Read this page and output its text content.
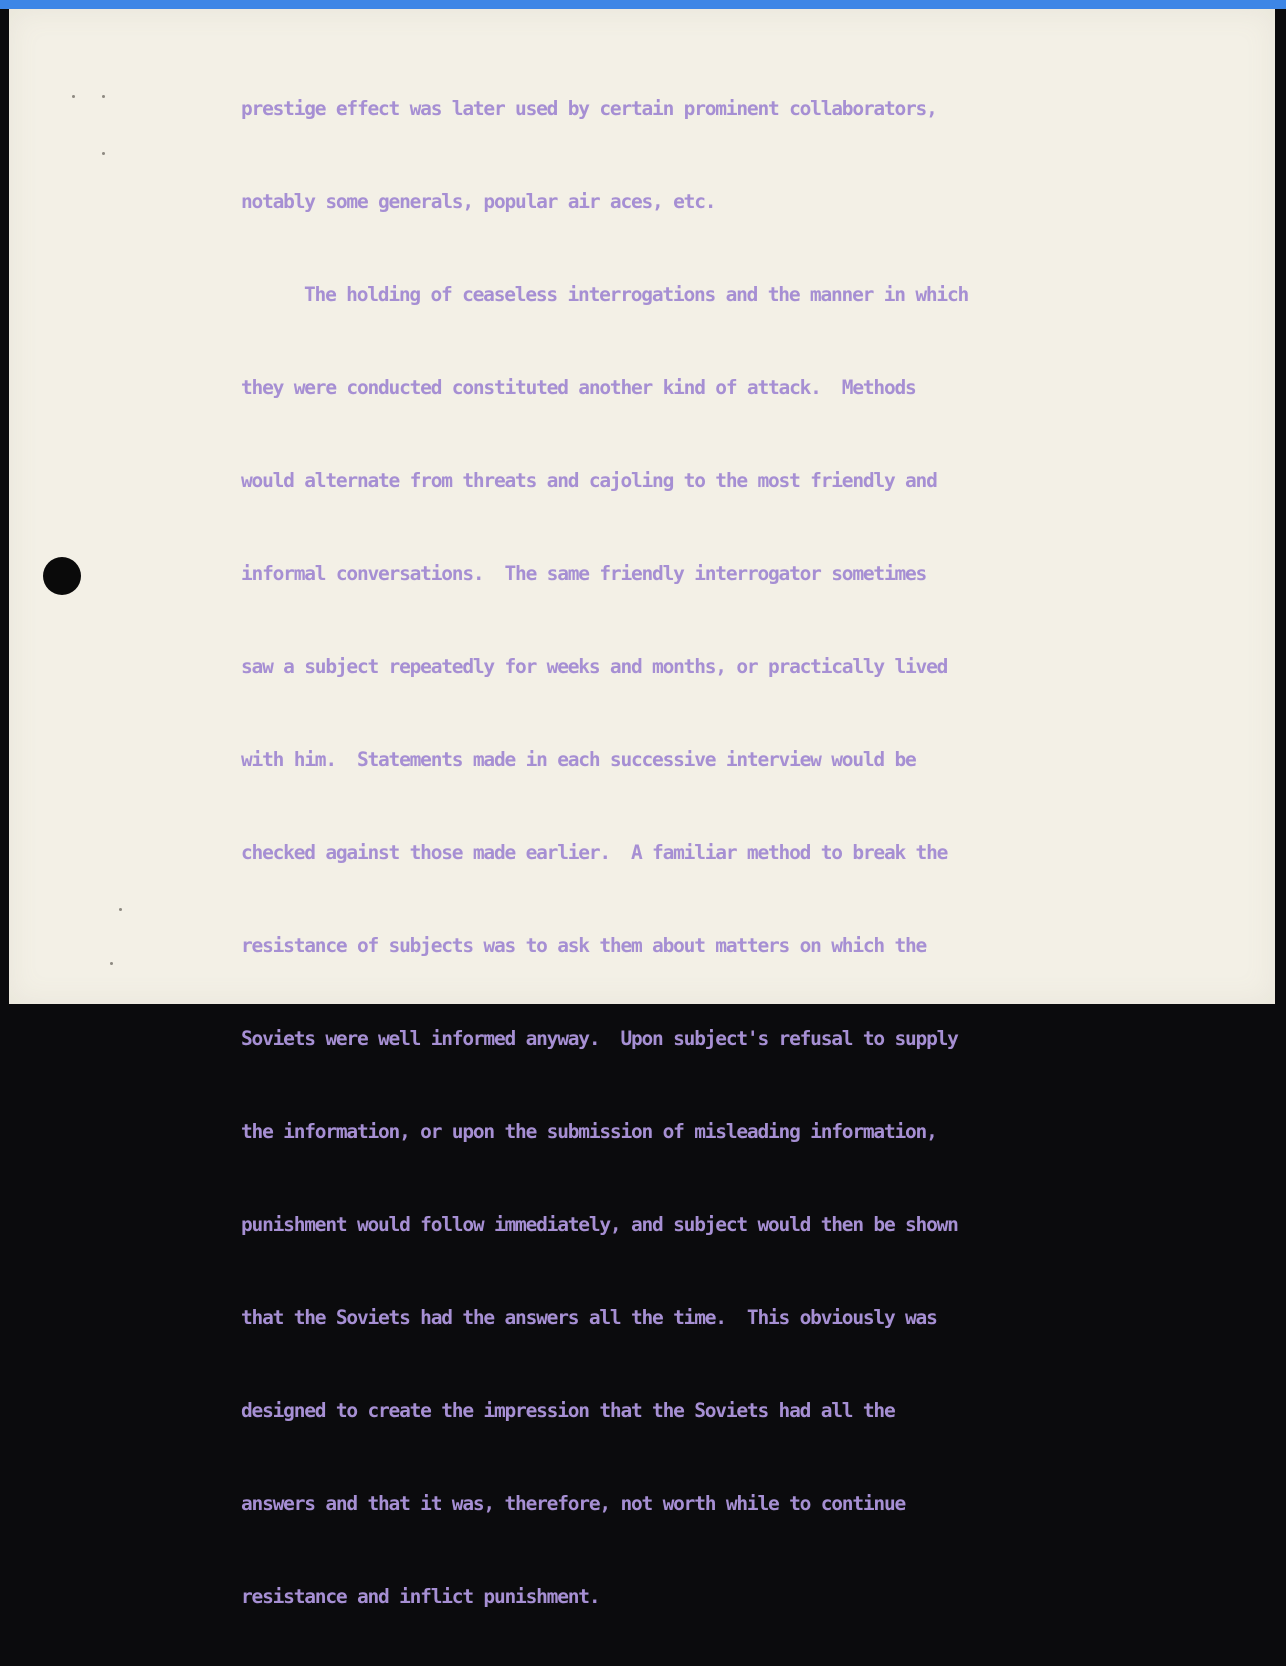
prestige effect was later used by certain prominent collaborators,

notably some generals, popular air aces, etc.

The holding of ceaseless interrogations and the manner in which

they were conducted constituted another kind of attack.  Methods

would alternate from threats and cajoling to the most friendly and

informal conversations.  The same friendly interrogator sometimes

saw a subject repeatedly for weeks and months, or practically lived

with him.  Statements made in each successive interview would be

checked against those made earlier.  A familiar method to break the

resistance of subjects was to ask them about matters on which the

Soviets were well informed anyway.  Upon subject's refusal to supply

the information, or upon the submission of misleading information,

punishment would follow immediately, and subject would then be shown

that the Soviets had the answers all the time.  This obviously was

designed to create the impression that the Soviets had all the

answers and that it was, therefore, not worth while to continue

resistance and inflict punishment.
